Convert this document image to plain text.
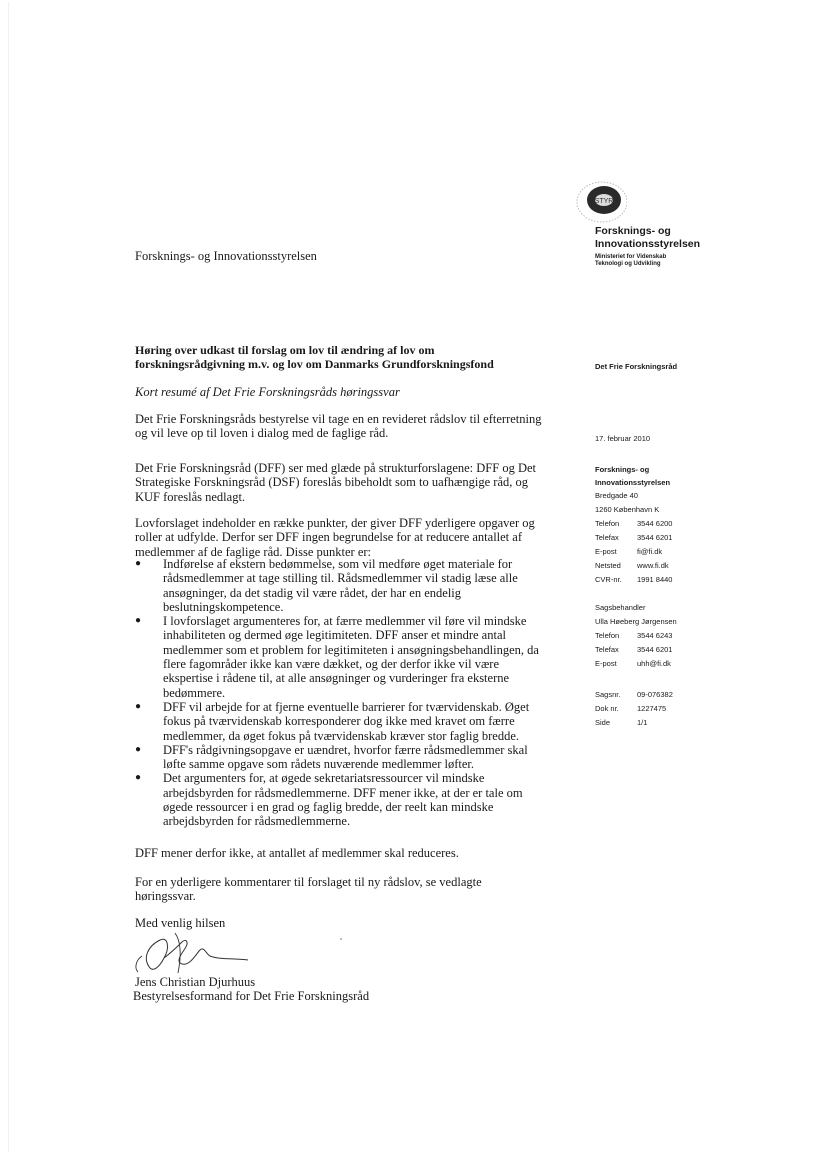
Forsknings- og Innovationsstyrelsen
STYR
Forsknings- og
Innovationsstyrelsen
Ministeriet for Videnskab
Teknologi og Udvikling
Høring over udkast til forslag om lov til ændring af lov om
forskningsrådgivning m.v. og lov om Danmarks Grundforskningsfond	Det Frie Forskningsråd
Kort resumé af Det Frie Forskningsråds høringssvar
Det Frie Forskningsråds bestyrelse vil tage en en revideret rådslov til efterretning
og vil leve op til loven i dialog med de faglige råd.
Det Frie Forskningsråd (DFF) ser med glæde på strukturforslagene: DFF og Det
Strategiske Forskningsråd (DSF) foreslås bibeholdt som to uafhængige råd, og
KUF foreslås nedlagt.
Lovforslaget indeholder en række punkter, der giver DFF yderligere opgaver og
roller at udfylde. Derfor ser DFF ingen begrundelse for at reducere antallet af
medlemmer af de faglige råd. Disse punkter er:
● Indførelse af ekstern bedømmelse, som vil medføre øget materiale for
rådsmedlemmer at tage stilling til. Rådsmedlemmer vil stadig læse alle
ansøgninger, da det stadig vil være rådet, der har en endelig
beslutningskompetence.
● I lovforslaget argumenteres for, at færre medlemmer vil føre vil mindske
inhabiliteten og dermed øge legitimiteten. DFF anser et mindre antal
medlemmer som et problem for legitimiteten i ansøgningsbehandlingen, da
flere fagområder ikke kan være dækket, og der derfor ikke vil være
ekspertise i rådene til, at alle ansøgninger og vurderinger fra eksterne
bedømmere.
● DFF vil arbejde for at fjerne eventuelle barrierer for tværvidenskab. Øget
fokus på tværvidenskab korresponderer dog ikke med kravet om færre
medlemmer, da øget fokus på tværvidenskab kræver stor faglig bredde.
● DFF's rådgivningsopgave er uændret, hvorfor færre rådsmedlemmer skal
løfte samme opgave som rådets nuværende medlemmer løfter.
● Det argumenters for, at øgede sekretariatsressourcer vil mindske
arbejdsbyrden for rådsmedlemmerne. DFF mener ikke, at der er tale om
øgede ressourcer i en grad og faglig bredde, der reelt kan mindske
arbejdsbyrden for rådsmedlemmerne.
DFF mener derfor ikke, at antallet af medlemmer skal reduceres.
For en yderligere kommentarer til forslaget til ny rådslov, se vedlagte
høringssvar.
Med venlig hilsen
Jens Christian Djurhuus
Bestyrelsesformand for Det Frie Forskningsråd
17. februar 2010
Forsknings- og
Innovationsstyrelsen
Bredgade 40
1260 København K
Telefon	3544 6200
Telefax	3544 6201
E-post	fi@fi.dk
Netsted	www.fi.dk
CVR-nr.	1991 8440
Sagsbehandler
Ulla Høeberg Jørgensen
Telefon	3544 6243
Telefax	3544 6201
E-post	uhh@fi.dk
Sagsnr.	09-076382
Dok nr.	1227475
Side	1/1
